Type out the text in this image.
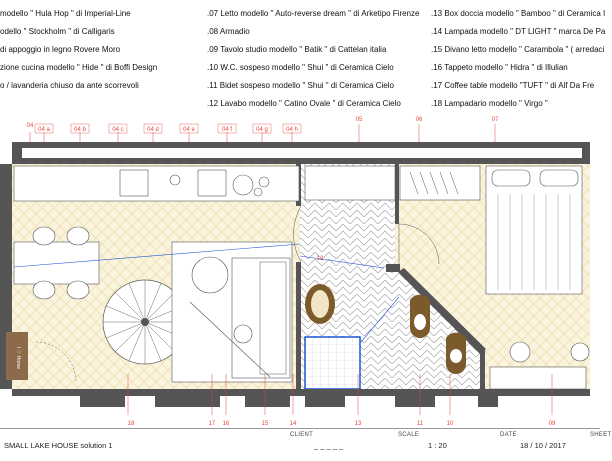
modello " Hula Hop " di Imperial-Line
odello " Stockholm " di Calligaris
di appoggio in legno Rovere Moro
zione cucina modello " Hide " di Boffi Design
o / lavanderia chiuso da ante scorrevoli
.07 Letto modello " Auto-reverse dream " di Arketipo Firenze
.08 Armadio
.09 Tavolo studio modello " Batik " di Cattelan italia
.10 W.C. sospeso modello " Shui " di Ceramica Cielo
.11 Bidet sospeso modello " Shui " di Ceramica Cielo
.12 Lavabo modello " Catino Ovale " di Ceramica Cielo
.13 Box doccia modello " Bamboo " di Ceramica I
.14 Lampada modello " DT LIGHT " marca De Pa
.15 Divano letto modello " Carambola " ( arredaci
.16 Tappeto modello " Hidra " di Illulian
.17 Coffee table modello "TUFT " di Alf Da Fre
.18 Lampadario modello " Virgo "
04
04 a	04 b	04 c	04 d	04 e	04 f	04 g	04 h
05	06	07
I ♡ Home
18	17 16	15	14	13	11	10	09
12
CLIENT	SCALE	DATE	SHEET
SMALL LAKE HOUSE solution 1	_ _ _ _ _	1 : 20	18 / 10 / 2017
